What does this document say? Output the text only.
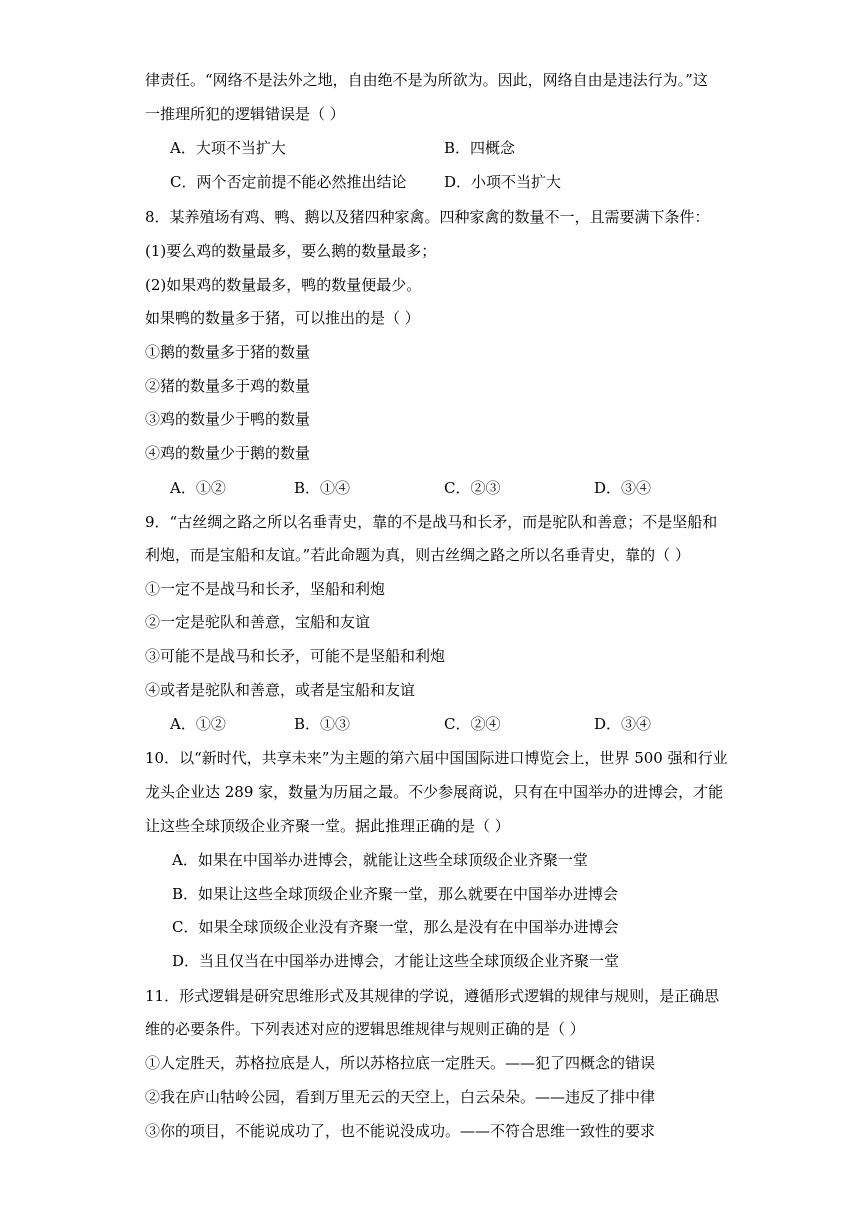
律责任。“网络不是法外之地，自由绝不是为所欲为。因此，网络自由是违法行为。”这
一推理所犯的逻辑错误是（ ）
A．大项不当扩大	B．四概念
C．两个否定前提不能必然推出结论	D．小项不当扩大
8．某养殖场有鸡、鸭、鹅以及猪四种家禽。四种家禽的数量不一，且需要满下条件：
(1)要么鸡的数量最多，要么鹅的数量最多；
(2)如果鸡的数量最多，鸭的数量便最少。
如果鸭的数量多于猪，可以推出的是（ ）
①鹅的数量多于猪的数量
②猪的数量多于鸡的数量
③鸡的数量少于鸭的数量
④鸡的数量少于鹅的数量
A．①②	B．①④	C．②③	D．③④
9．“古丝绸之路之所以名垂青史，靠的不是战马和长矛，而是驼队和善意；不是坚船和
利炮，而是宝船和友谊。”若此命题为真，则古丝绸之路之所以名垂青史，靠的（ ）
①一定不是战马和长矛，坚船和利炮
②一定是驼队和善意，宝船和友谊
③可能不是战马和长矛，可能不是坚船和利炮
④或者是驼队和善意，或者是宝船和友谊
A．①②	B．①③	C．②④	D．③④
10．以“新时代，共享未来”为主题的第六届中国国际进口博览会上，世界 500 强和行业
龙头企业达 289 家，数量为历届之最。不少参展商说，只有在中国举办的进博会，才能
让这些全球顶级企业齐聚一堂。据此推理正确的是（ ）
A．如果在中国举办进博会，就能让这些全球顶级企业齐聚一堂
B．如果让这些全球顶级企业齐聚一堂，那么就要在中国举办进博会
C．如果全球顶级企业没有齐聚一堂，那么是没有在中国举办进博会
D．当且仅当在中国举办进博会，才能让这些全球顶级企业齐聚一堂
11．形式逻辑是研究思维形式及其规律的学说，遵循形式逻辑的规律与规则，是正确思
维的必要条件。下列表述对应的逻辑思维规律与规则正确的是（ ）
①人定胜天，苏格拉底是人，所以苏格拉底一定胜天。——犯了四概念的错误
②我在庐山牯岭公园，看到万里无云的天空上，白云朵朵。——违反了排中律
③你的项目，不能说成功了，也不能说没成功。——不符合思维一致性的要求
